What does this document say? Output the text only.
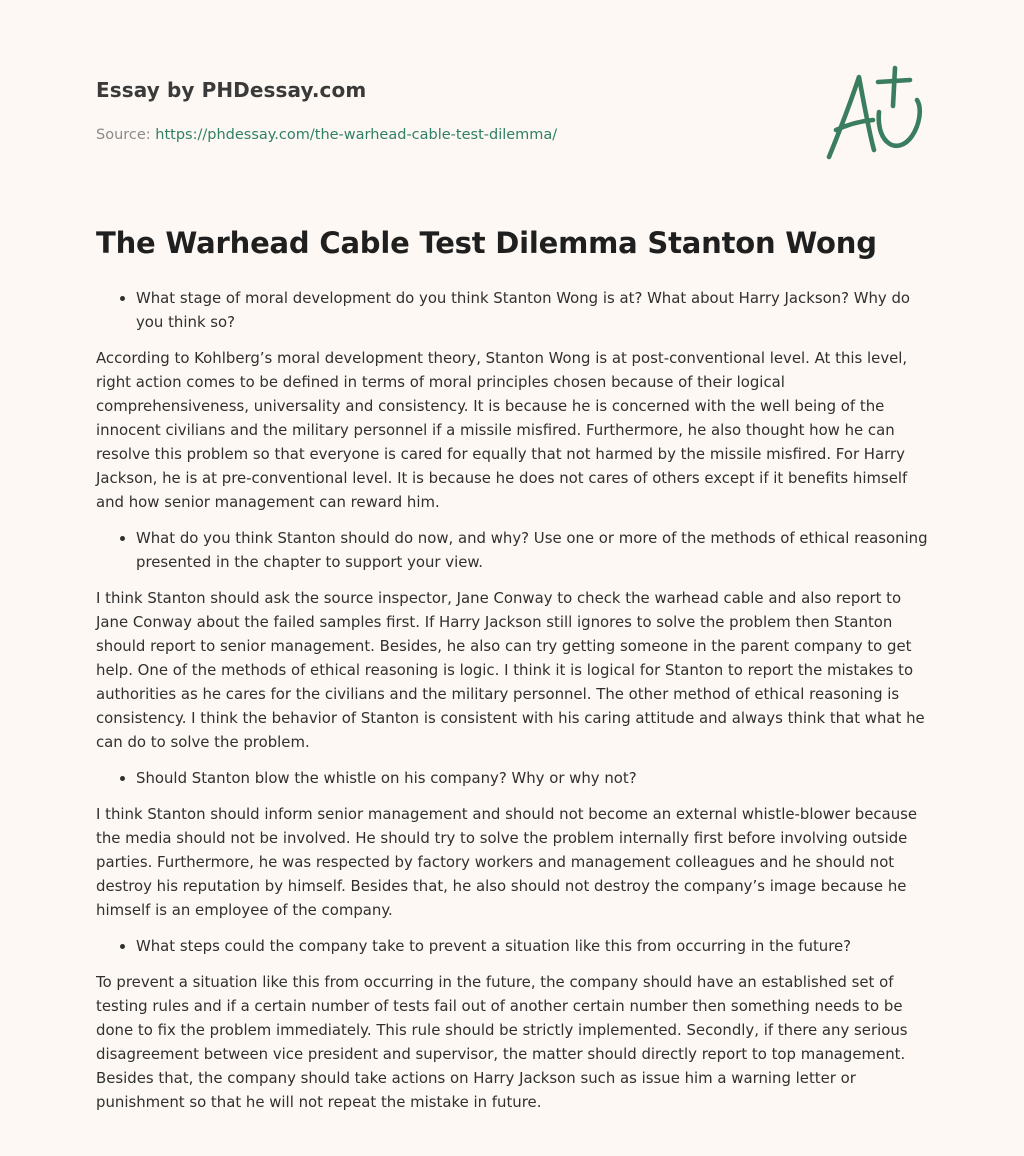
Essay by PHDessay.com
Source: https://phdessay.com/the-warhead-cable-test-dilemma/
The Warhead Cable Test Dilemma Stanton Wong
• What stage of moral development do you think Stanton Wong is at? What about Harry Jackson? Why do you think so?

According to Kohlberg’s moral development theory, Stanton Wong is at post-conventional level. At this level, right action comes to be defined in terms of moral principles chosen because of their logical comprehensiveness, universality and consistency. It is because he is concerned with the well being of the innocent civilians and the military personnel if a missile misfired. Furthermore, he also thought how he can resolve this problem so that everyone is cared for equally that not harmed by the missile misfired. For Harry Jackson, he is at pre-conventional level. It is because he does not cares of others except if it benefits himself and how senior management can reward him.

• What do you think Stanton should do now, and why? Use one or more of the methods of ethical reasoning presented in the chapter to support your view.

I think Stanton should ask the source inspector, Jane Conway to check the warhead cable and also report to Jane Conway about the failed samples first. If Harry Jackson still ignores to solve the problem then Stanton should report to senior management. Besides, he also can try getting someone in the parent company to get help. One of the methods of ethical reasoning is logic. I think it is logical for Stanton to report the mistakes to authorities as he cares for the civilians and the military personnel. The other method of ethical reasoning is consistency. I think the behavior of Stanton is consistent with his caring attitude and always think that what he can do to solve the problem.

• Should Stanton blow the whistle on his company? Why or why not?

I think Stanton should inform senior management and should not become an external whistle-blower because the media should not be involved. He should try to solve the problem internally first before involving outside parties. Furthermore, he was respected by factory workers and management colleagues and he should not destroy his reputation by himself. Besides that, he also should not destroy the company’s image because he himself is an employee of the company.

• What steps could the company take to prevent a situation like this from occurring in the future?

To prevent a situation like this from occurring in the future, the company should have an established set of testing rules and if a certain number of tests fail out of another certain number then something needs to be done to fix the problem immediately. This rule should be strictly implemented. Secondly, if there any serious disagreement between vice president and supervisor, the matter should directly report to top management. Besides that, the company should take actions on Harry Jackson such as issue him a warning letter or punishment so that he will not repeat the mistake in future.
